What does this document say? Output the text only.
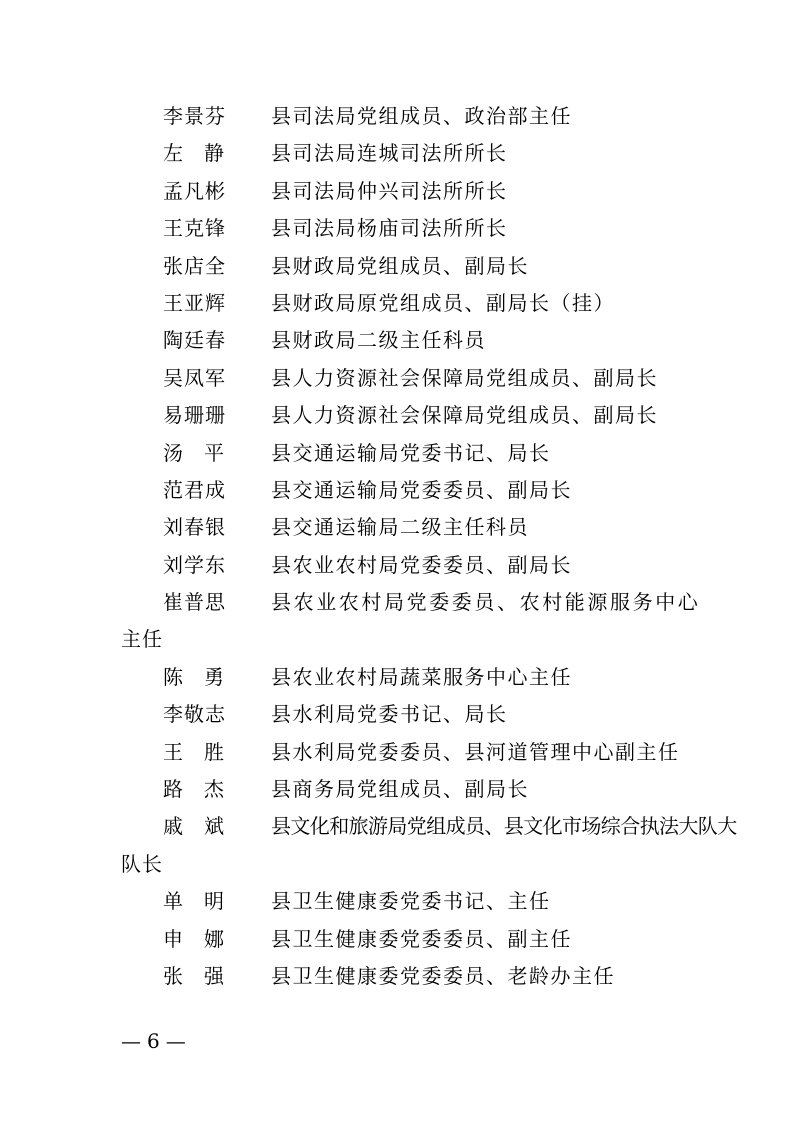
李景芬 县司法局党组成员、政治部主任
左静 县司法局连城司法所所长
孟凡彬 县司法局仲兴司法所所长
王克锋 县司法局杨庙司法所所长
张店全 县财政局党组成员、副局长
王亚辉 县财政局原党组成员、副局长（挂）
陶廷春 县财政局二级主任科员
吴凤军 县人力资源社会保障局党组成员、副局长
易珊珊 县人力资源社会保障局党组成员、副局长
汤平 县交通运输局党委书记、局长
范君成 县交通运输局党委委员、副局长
刘春银 县交通运输局二级主任科员
刘学东 县农业农村局党委委员、副局长
崔普思 县农业农村局党委委员、农村能源服务中心
主任
陈勇 县农业农村局蔬菜服务中心主任
李敬志 县水利局党委书记、局长
王胜 县水利局党委委员、县河道管理中心副主任
路杰 县商务局党组成员、副局长
戚斌 县文化和旅游局党组成员、县文化市场综合执法大队大
队长
单明 县卫生健康委党委书记、主任
申娜 县卫生健康委党委委员、副主任
张强 县卫生健康委党委委员、老龄办主任
— 6 —
